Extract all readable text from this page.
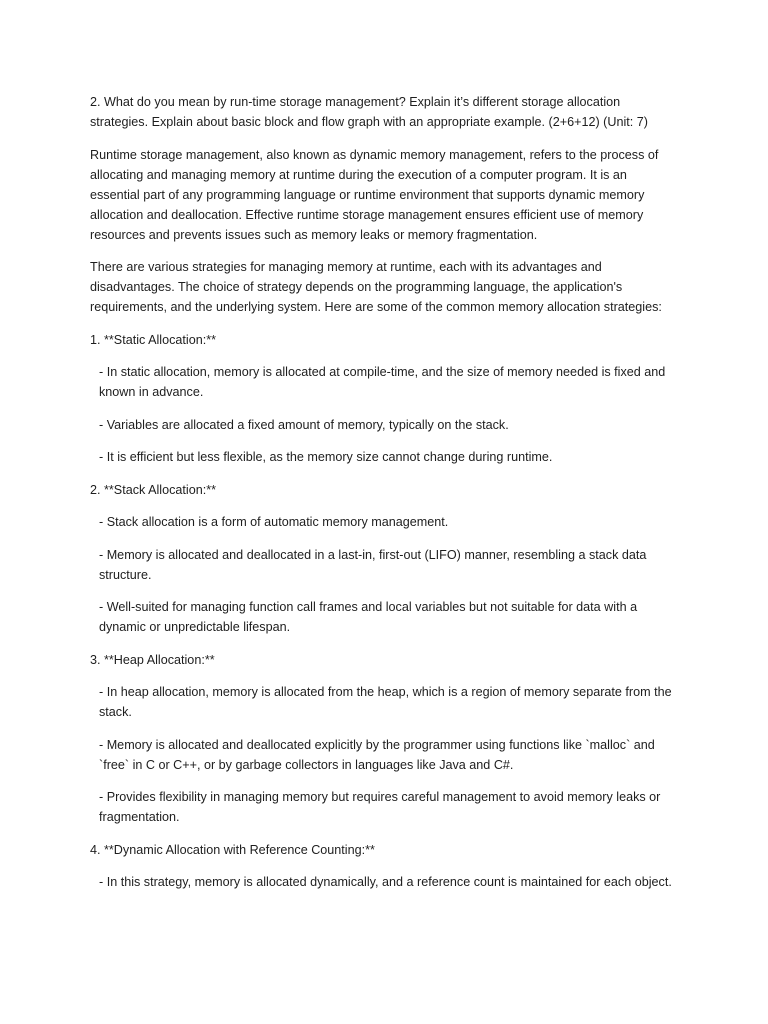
2. What do you mean by run-time storage management? Explain it’s different storage allocation strategies. Explain about basic block and flow graph with an appropriate example. (2+6+12) (Unit: 7)

Runtime storage management, also known as dynamic memory management, refers to the process of allocating and managing memory at runtime during the execution of a computer program. It is an essential part of any programming language or runtime environment that supports dynamic memory allocation and deallocation. Effective runtime storage management ensures efficient use of memory resources and prevents issues such as memory leaks or memory fragmentation.

There are various strategies for managing memory at runtime, each with its advantages and disadvantages. The choice of strategy depends on the programming language, the application's requirements, and the underlying system. Here are some of the common memory allocation strategies:

1. **Static Allocation:**

- In static allocation, memory is allocated at compile-time, and the size of memory needed is fixed and known in advance.

- Variables are allocated a fixed amount of memory, typically on the stack.

- It is efficient but less flexible, as the memory size cannot change during runtime.

2. **Stack Allocation:**

- Stack allocation is a form of automatic memory management.

- Memory is allocated and deallocated in a last-in, first-out (LIFO) manner, resembling a stack data structure.

- Well-suited for managing function call frames and local variables but not suitable for data with a dynamic or unpredictable lifespan.

3. **Heap Allocation:**

- In heap allocation, memory is allocated from the heap, which is a region of memory separate from the stack.

- Memory is allocated and deallocated explicitly by the programmer using functions like `malloc` and `free` in C or C++, or by garbage collectors in languages like Java and C#.

- Provides flexibility in managing memory but requires careful management to avoid memory leaks or fragmentation.

4. **Dynamic Allocation with Reference Counting:**

- In this strategy, memory is allocated dynamically, and a reference count is maintained for each object.
